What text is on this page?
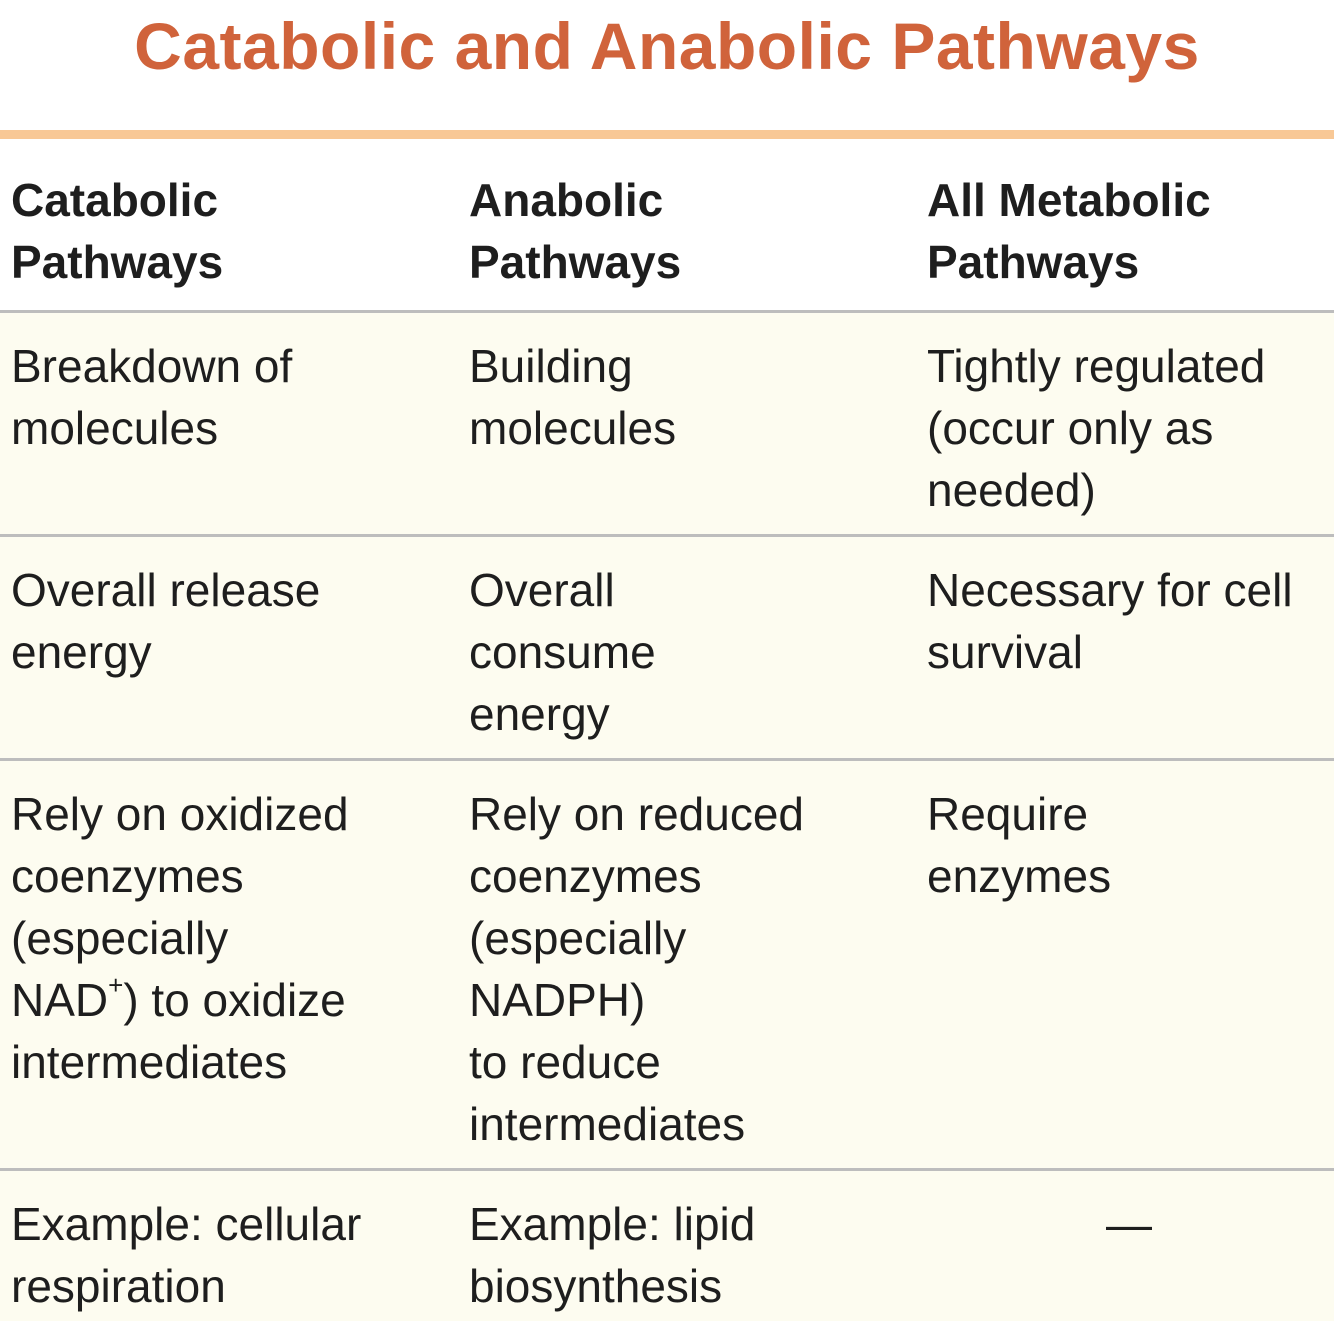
Catabolic and Anabolic Pathways
Catabolic
Pathways
Anabolic
Pathways
All Metabolic
Pathways
Breakdown of
molecules
Building
molecules
Tightly regulated
(occur only as
needed)
Overall release
energy
Overall
consume
energy
Necessary for cell
survival
Rely on oxidized
coenzymes
(especially
NAD+) to oxidize
intermediates
Rely on reduced
coenzymes
(especially
NADPH)
to reduce
intermediates
Require
enzymes
Example: cellular
respiration
Example: lipid
biosynthesis
—
